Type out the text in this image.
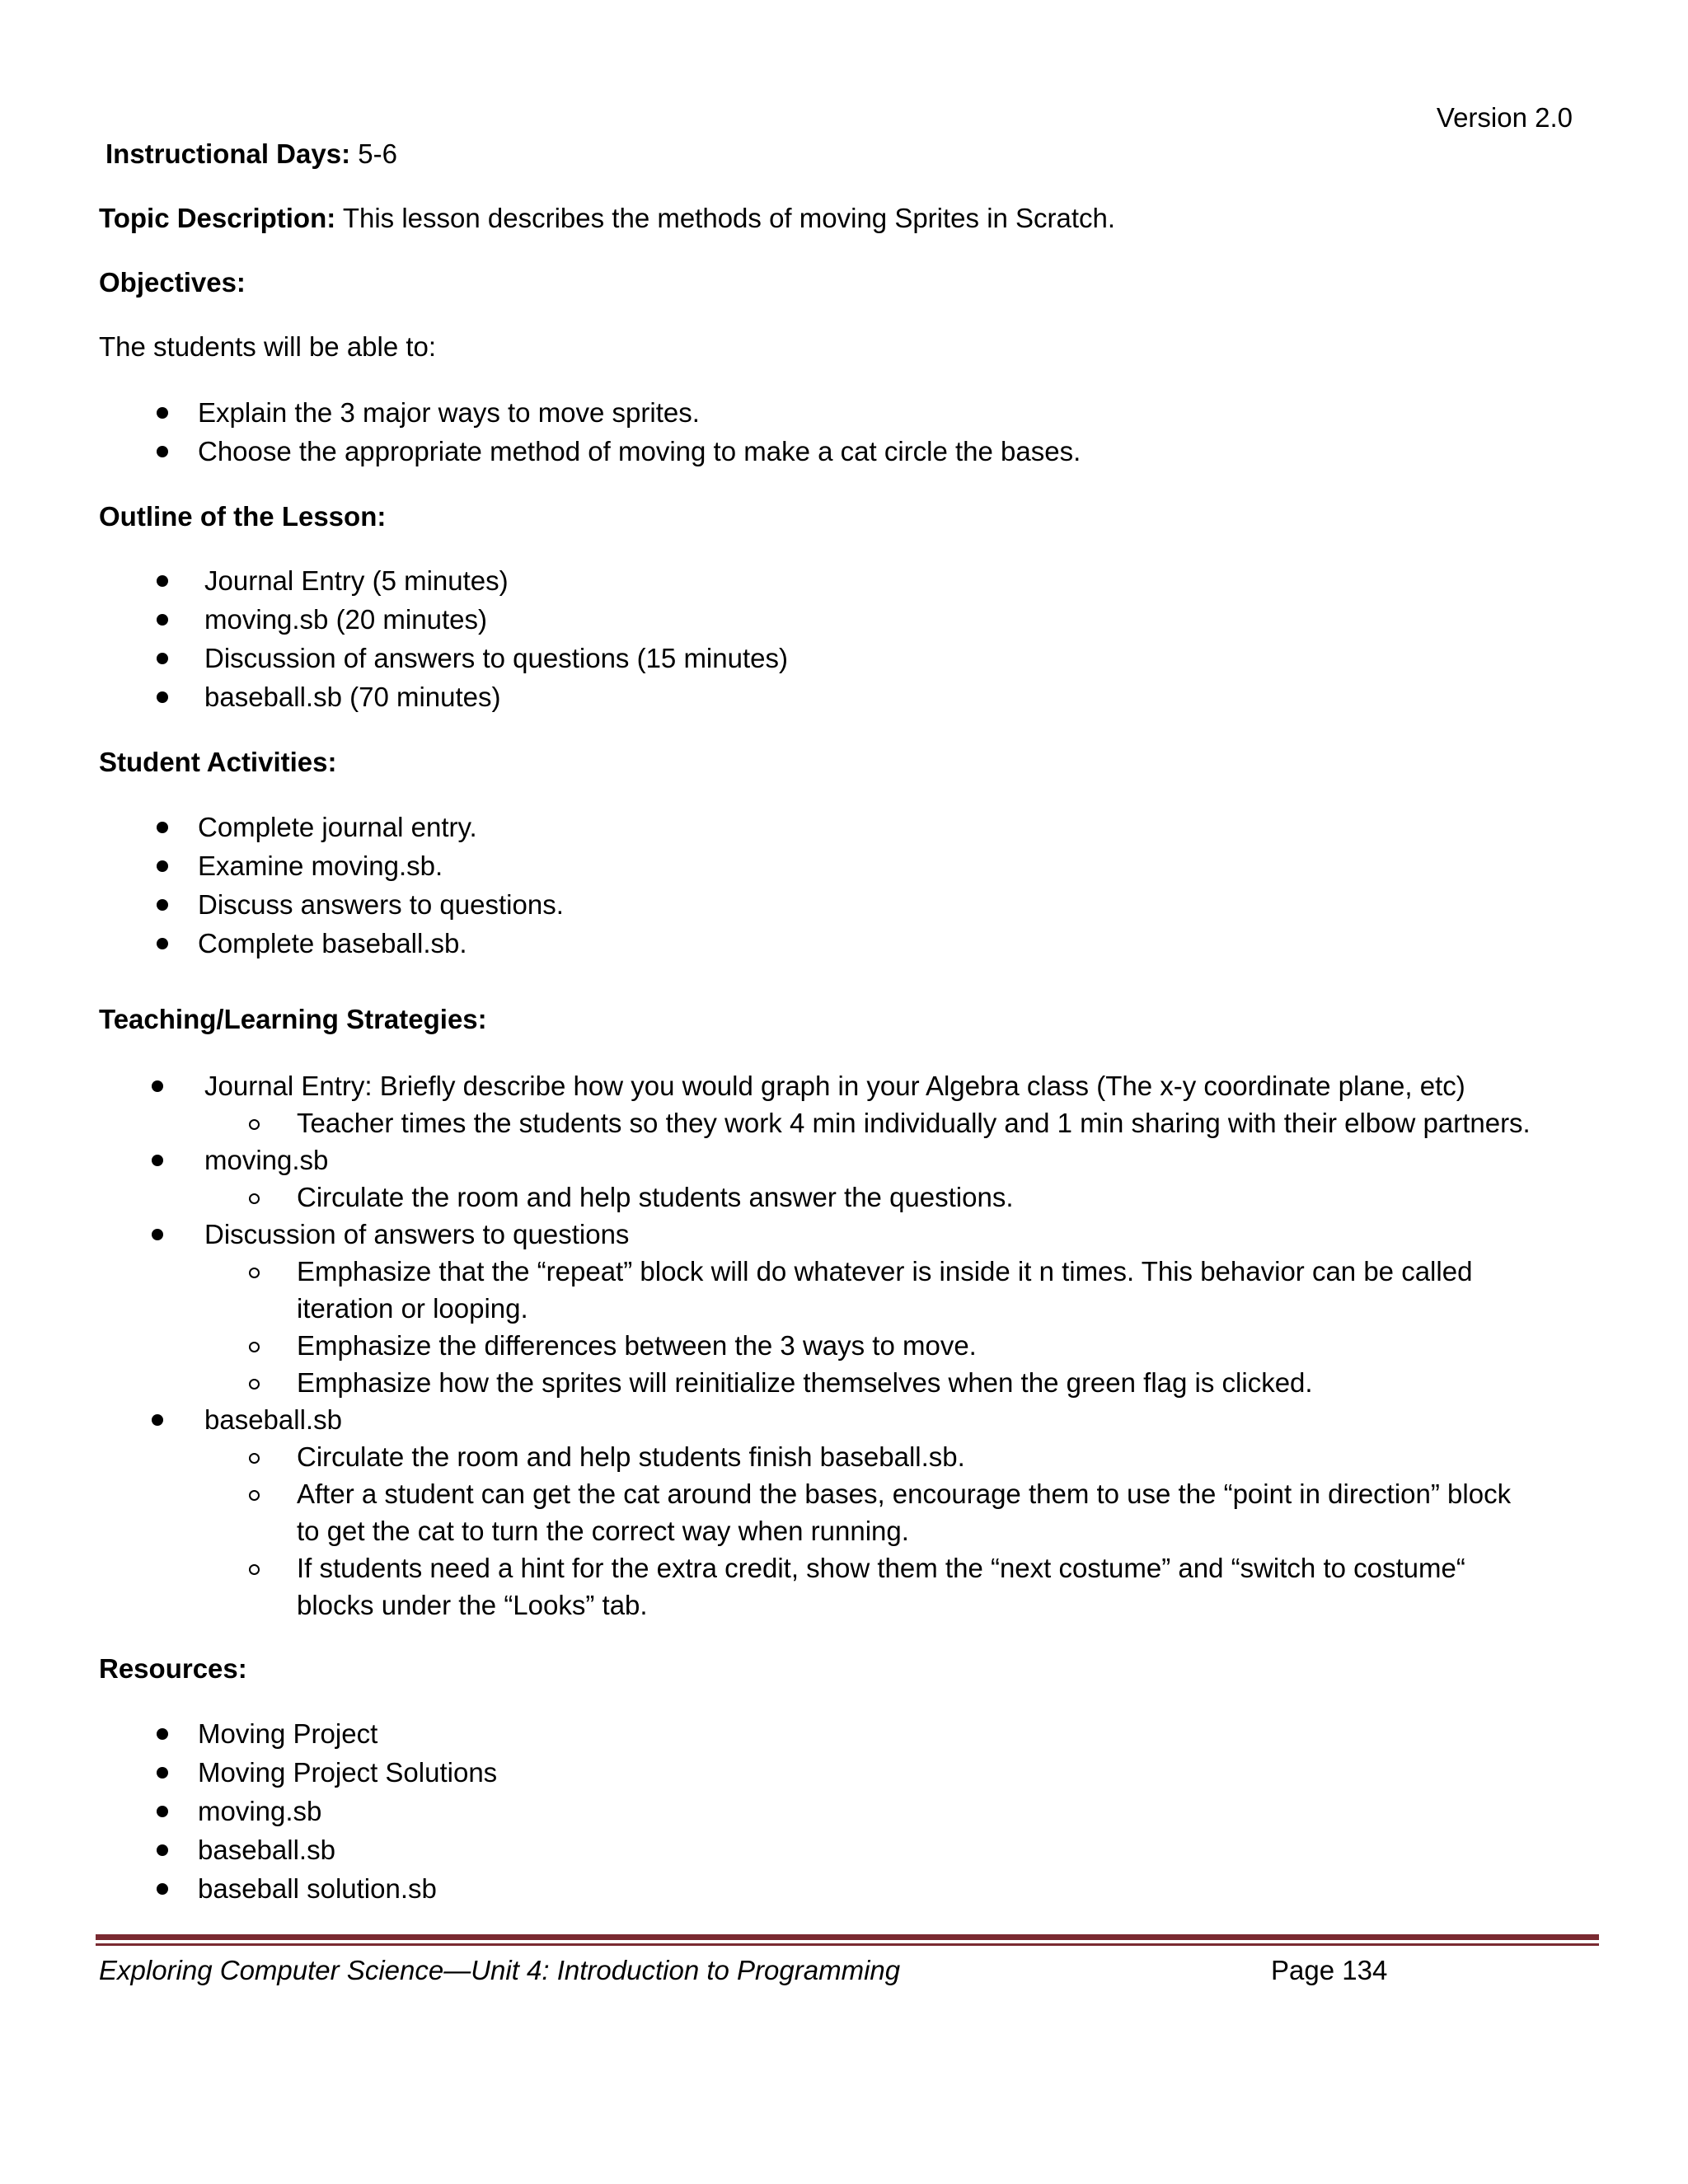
Version 2.0
Instructional Days: 5-6
Topic Description: This lesson describes the methods of moving Sprites in Scratch.
Objectives:
The students will be able to:
Explain the 3 major ways to move sprites.
Choose the appropriate method of moving to make a cat circle the bases.
Outline of the Lesson:
Journal Entry (5 minutes)
moving.sb (20 minutes)
Discussion of answers to questions (15 minutes)
baseball.sb (70 minutes)
Student Activities:
Complete journal entry.
Examine moving.sb.
Discuss answers to questions.
Complete baseball.sb.
Teaching/Learning Strategies:
Journal Entry: Briefly describe how you would graph in your Algebra class (The x-y coordinate plane, etc)
Teacher times the students so they work 4 min individually and 1 min sharing with their elbow partners.
moving.sb
Circulate the room and help students answer the questions.
Discussion of answers to questions
Emphasize that the “repeat” block will do whatever is inside it n times. This behavior can be called
iteration or looping.
Emphasize the differences between the 3 ways to move.
Emphasize how the sprites will reinitialize themselves when the green flag is clicked.
baseball.sb
Circulate the room and help students finish baseball.sb.
After a student can get the cat around the bases, encourage them to use the “point in direction” block
to get the cat to turn the correct way when running.
If students need a hint for the extra credit, show them the “next costume” and “switch to costume“
blocks under the “Looks” tab.
Resources:
Moving Project
Moving Project Solutions
moving.sb
baseball.sb
baseball solution.sb
Exploring Computer Science—Unit 4: Introduction to Programming	Page 134
